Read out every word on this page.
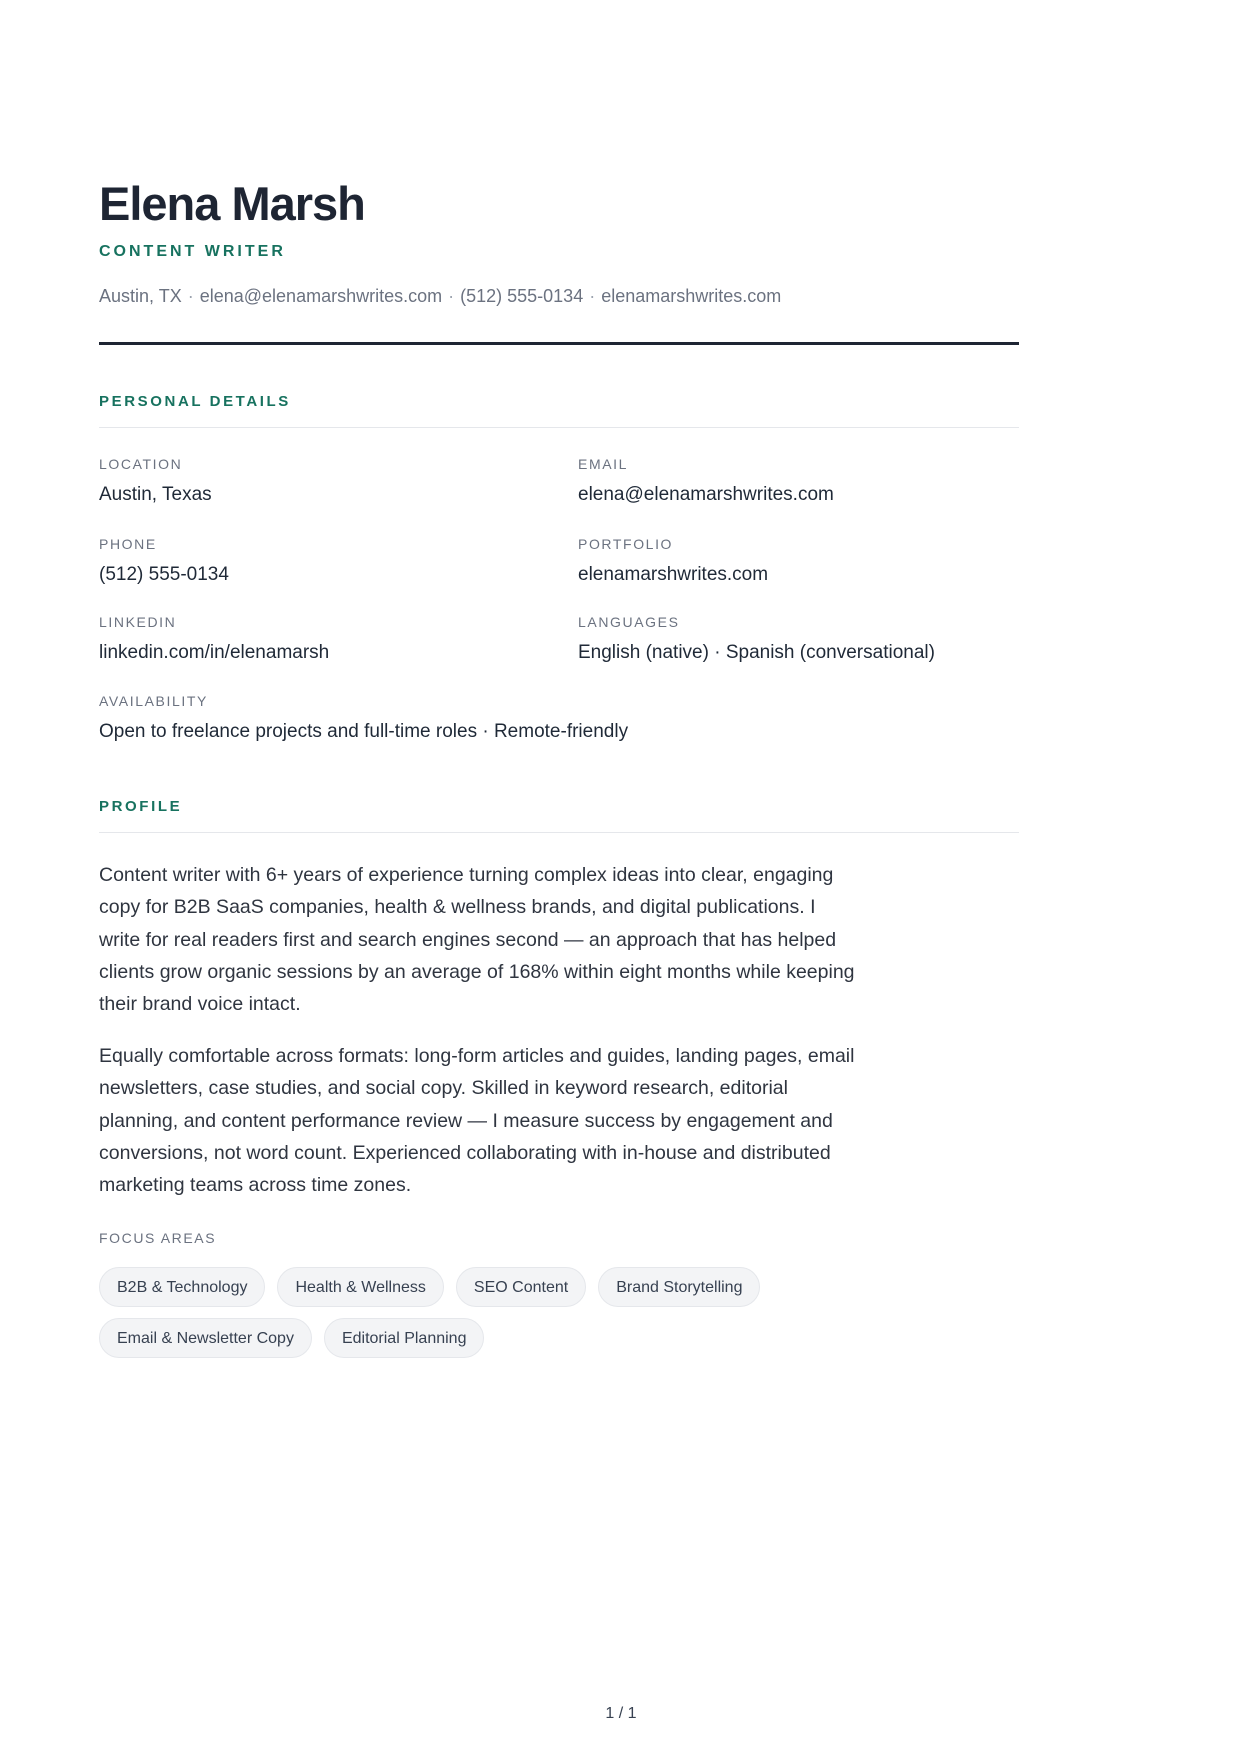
Elena Marsh
CONTENT WRITER
Austin, TX · elena@elenamarshwrites.com · (512) 555-0134 · elenamarshwrites.com
PERSONAL DETAILS
LOCATION
Austin, Texas
EMAIL
elena@elenamarshwrites.com
PHONE
(512) 555-0134
PORTFOLIO
elenamarshwrites.com
LINKEDIN
linkedin.com/in/elenamarsh
LANGUAGES
English (native) · Spanish (conversational)
AVAILABILITY
Open to freelance projects and full-time roles · Remote-friendly
PROFILE

Content writer with 6+ years of experience turning complex ideas into clear, engaging copy for B2B SaaS companies, health & wellness brands, and digital publications. I write for real readers first and search engines second — an approach that has helped clients grow organic sessions by an average of 168% within eight months while keeping their brand voice intact.

Equally comfortable across formats: long-form articles and guides, landing pages, email newsletters, case studies, and social copy. Skilled in keyword research, editorial planning, and content performance review — I measure success by engagement and conversions, not word count. Experienced collaborating with in-house and distributed marketing teams across time zones.

FOCUS AREAS
B2B & Technology	Health & Wellness	SEO Content	Brand Storytelling
Email & Newsletter Copy	Editorial Planning
1 / 1
